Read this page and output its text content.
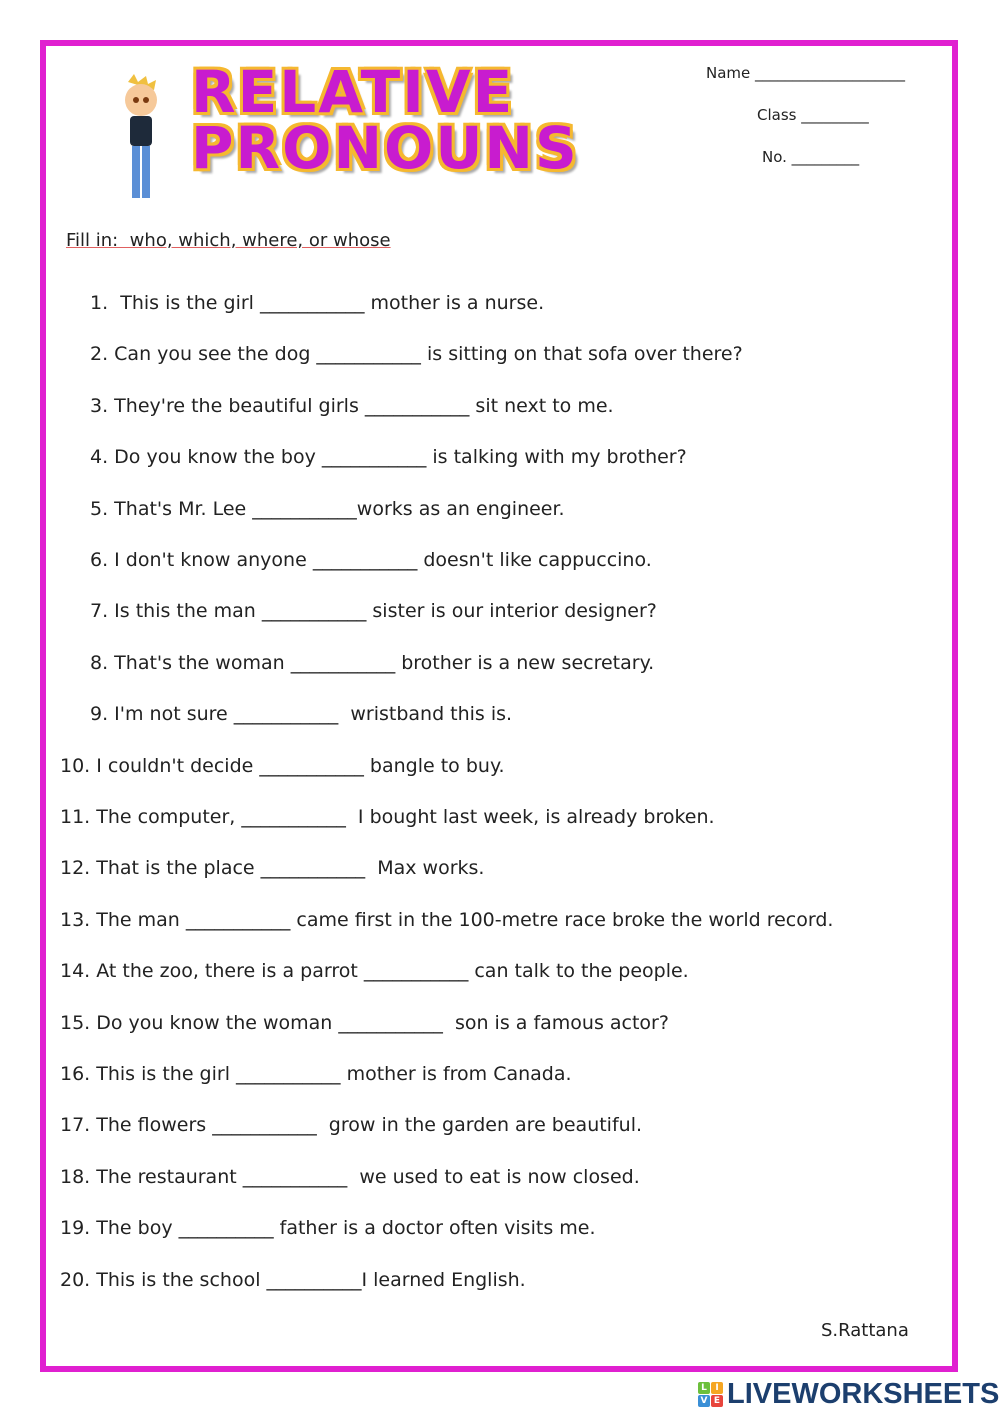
RELATIVE
PRONOUNS
Name ____________________
Class _________
No. _________
Fill in:  who, which, where, or whose
1.  This is the girl ___________ mother is a nurse.
2. Can you see the dog ___________ is sitting on that sofa over there?
3. They're the beautiful girls ___________ sit next to me.
4. Do you know the boy ___________ is talking with my brother?
5. That's Mr. Lee ___________works as an engineer.
6. I don't know anyone ___________ doesn't like cappuccino.
7. Is this the man ___________ sister is our interior designer?
8. That's the woman ___________ brother is a new secretary.
9. I'm not sure ___________  wristband this is.
10. I couldn't decide ___________ bangle to buy.
11. The computer, ___________  I bought last week, is already broken.
12. That is the place ___________  Max works.
13. The man ___________ came first in the 100-metre race broke the world record.
14. At the zoo, there is a parrot ___________ can talk to the people.
15. Do you know the woman ___________  son is a famous actor?
16. This is the girl ___________ mother is from Canada.
17. The flowers ___________  grow in the garden are beautiful.
18. The restaurant ___________  we used to eat is now closed.
19. The boy __________ father is a doctor often visits me.
20. This is the school __________I learned English.
S.Rattana
L I
V E LIVEWORKSHEETS
